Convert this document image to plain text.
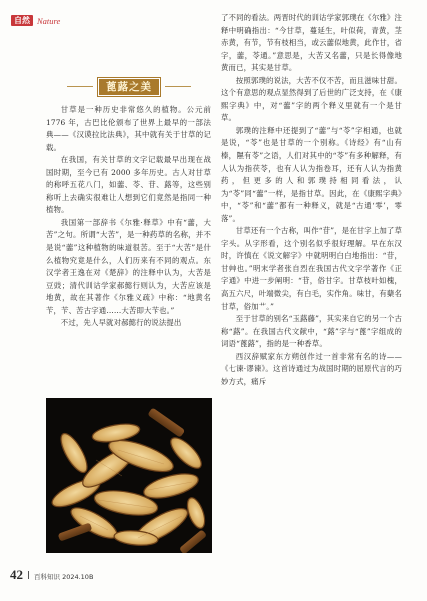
自然 Nature
蓖蕗之美

甘草是一种历史非常悠久的植物。公元前 1776 年，古巴比伦颁布了世界上最早的一部法典——《汉谟拉比法典》，其中就有关于甘草的记载。

在我国，有关甘草的文字记载最早出现在战国时期，至今已有 2000 多年历史。古人对甘草的称呼五花八门，如蘦、苓、苷、蕗等，这些别称听上去确实很难让人想到它们竟然是指同一种植物。

我国第一部辞书《尔雅·释草》中有“蘦，大苦”之句。所谓“大苦”，是一种药草的名称，并不是说“蘦”这种植物的味道很苦。至于“大苦”是什么植物究竟是什么，人们历来有不同的观点。东汉学者王逸在对《楚辞》的注释中认为，大苦是豆豉；清代训诂学家郝懿行则认为，大苦应该是地黄，故在其著作《尔雅义疏》中称：“地黄名苄，苄、苦古字通……大苦即大苄也。”

不过，先人早就对郝懿行的说法提出

了不同的看法。两晋时代的训诂学家郭璞在《尔雅》注释中明确指出：“今甘草，蔓延生，叶似荷，青黄，茎赤黄，有节，节有枝相当，或云蘦似地黄，此作甘，省字，蘦，苓通。”意思是，大苦又名蘦，只是长得像地黄而已，其实是甘草。

按照郭璞的说法，大苦不仅不苦，而且滋味甘甜。这个有意思的观点显然得到了后世的广泛支持，在《康熙字典》中，对“蘦”字的两个释义里就有一个是甘草。

郭璞的注释中还提到了“蘦”与“苓”字相通，也就是说，“苓”也是甘草的一个别称。《诗经》有“山有榛，隰有苓”之语，人们对其中的“苓”有多种解释，有人认为指茯苓，也有人认为指卷耳，还有人认为指黄药，但更多的人和郭璞持相同看法，认为“苓”同“蘦”一样，是指甘草。因此，在《康熙字典》中，“苓”和“蘦”都有一种释义，就是“古通‘零’，零落”。

甘草还有一个古称，叫作“苷”，是在甘字上加了草字头。从字形看，这个别名似乎很好理解。早在东汉时，许慎在《说文解字》中就明明白白地指出：“苷，甘艸也。”明末学者张自烈在我国古代文字学著作《正字通》中进一步阐明：“苷，俗甘字。甘草枝叶如槐，高五六尺，叶端微尖，有白毛，实作角。味甘，有蘖名甘草，俗加艹。”

至于甘草的别名“玉蕗藤”，其实来自它的另一个古称“蕗”。在我国古代文献中，“蕗”字与“蓖”字组成的词语“蓖蕗”，指的是一种香草。

西汉辞赋家东方朔创作过一首非常有名的诗——《七谏·谬谏》。这首诗通过为战国时期的屈原代言的巧妙方式，痛斥

42 百科知识 2024.10B
